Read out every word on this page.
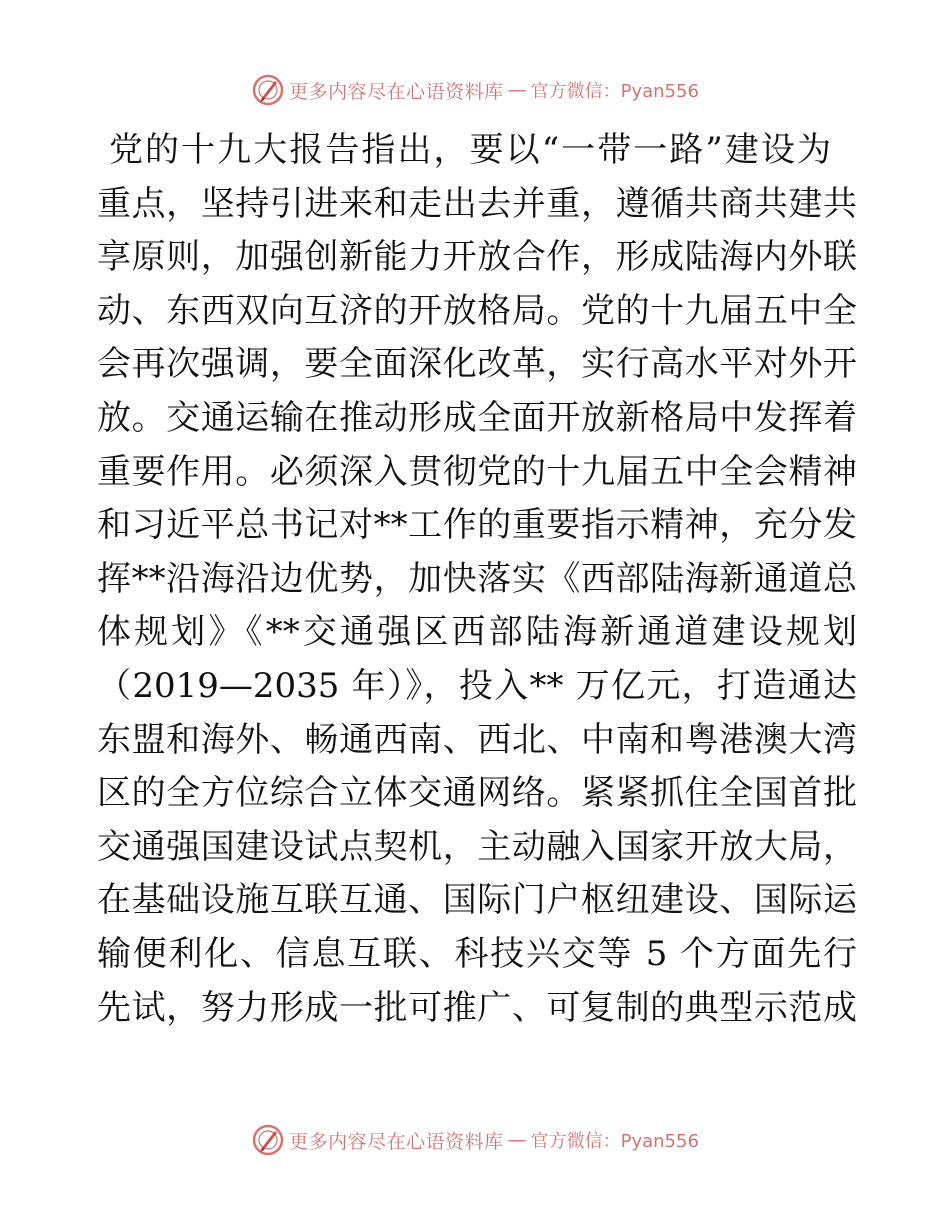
更多内容尽在心语资料库 — 官方微信：Pyan556
党的十九大报告指出，要以“一带一路”建设为
重点，坚持引进来和走出去并重，遵循共商共建共
享原则，加强创新能力开放合作，形成陆海内外联
动、东西双向互济的开放格局。党的十九届五中全
会再次强调，要全面深化改革，实行高水平对外开
放。交通运输在推动形成全面开放新格局中发挥着
重要作用。必须深入贯彻党的十九届五中全会精神
和习近平总书记对**工作的重要指示精神，充分发
挥**沿海沿边优势，加快落实《西部陆海新通道总
体规划》《**交通强区西部陆海新通道建设规划
（2019—2035 年）》，投入** 万亿元，打造通达
东盟和海外、畅通西南、西北、中南和粤港澳大湾
区的全方位综合立体交通网络。紧紧抓住全国首批
交通强国建设试点契机，主动融入国家开放大局，
在基础设施互联互通、国际门户枢纽建设、国际运
输便利化、信息互联、科技兴交等 5 个方面先行
先试，努力形成一批可推广、可复制的典型示范成
更多内容尽在心语资料库 — 官方微信：Pyan556
